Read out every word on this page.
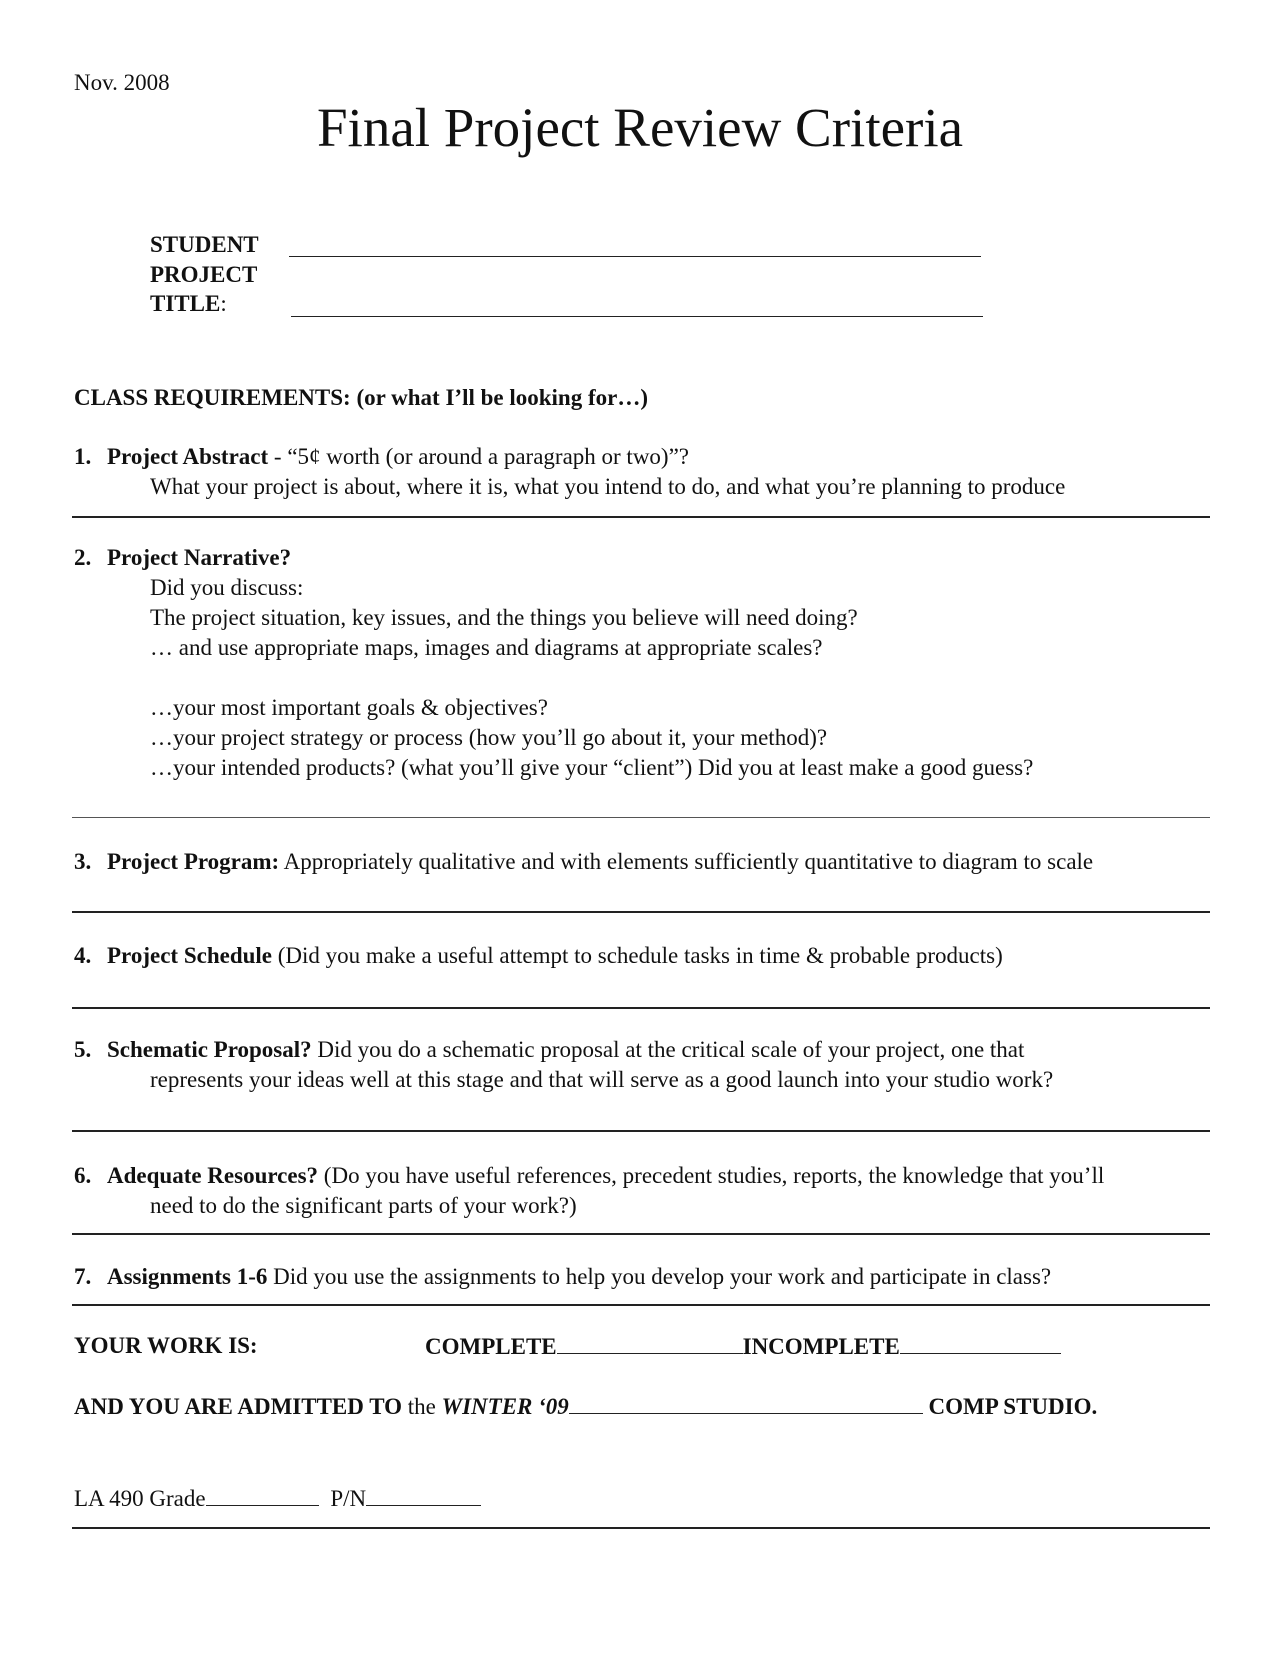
Nov. 2008
Final Project Review Criteria
STUDENT
PROJECT
TITLE:
CLASS REQUIREMENTS: (or what I’ll be looking for…)
1. Project Abstract - “5¢ worth (or around a paragraph or two)”?
What your project is about, where it is, what you intend to do, and what you’re planning to produce
2. Project Narrative?
Did you discuss:
The project situation, key issues, and the things you believe will need doing?
… and use appropriate maps, images and diagrams at appropriate scales?
…your most important goals & objectives?
…your project strategy or process (how you’ll go about it, your method)?
…your intended products? (what you’ll give your “client”) Did you at least make a good guess?
3. Project Program: Appropriately qualitative and with elements sufficiently quantitative to diagram to scale
4. Project Schedule (Did you make a useful attempt to schedule tasks in time & probable products)
5. Schematic Proposal? Did you do a schematic proposal at the critical scale of your project, one that
represents your ideas well at this stage and that will serve as a good launch into your studio work?
6. Adequate Resources? (Do you have useful references, precedent studies, reports, the knowledge that you’ll
need to do the significant parts of your work?)
7. Assignments 1-6 Did you use the assignments to help you develop your work and participate in class?
YOUR WORK IS:	COMPLETE	INCOMPLETE
AND YOU ARE ADMITTED TO the WINTER ‘09	COMP STUDIO.
LA 490 Grade	P/N
